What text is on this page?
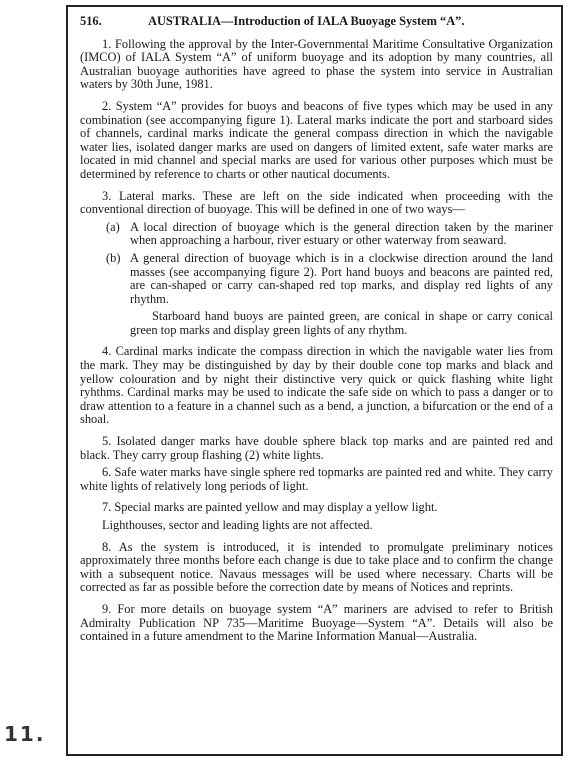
11.
516.	AUSTRALIA—Introduction of IALA Buoyage System “A”.

1. Following the approval by the Inter-Governmental Maritime Consultative Organization (IMCO) of IALA System “A” of uniform buoyage and its adoption by many countries, all Australian buoyage authorities have agreed to phase the system into service in Australian waters by 30th June, 1981.

2. System “A” provides for buoys and beacons of five types which may be used in any combination (see accompanying figure 1). Lateral marks indicate the port and starboard sides of channels, cardinal marks indicate the general compass direction in which the navigable water lies, isolated danger marks are used on dangers of limited extent, safe water marks are located in mid channel and special marks are used for various other purposes which must be determined by reference to charts or other nautical documents.

3. Lateral marks. These are left on the side indicated when proceeding with the conventional direction of buoyage. This will be defined in one of two ways—

(a) A local direction of buoyage which is the general direction taken by the mariner when approaching a harbour, river estuary or other waterway from seaward.
(b) A general direction of buoyage which is in a clockwise direction around the land masses (see accompanying figure 2). Port hand buoys and beacons are painted red, are can-shaped or carry can-shaped red top marks, and display red lights of any rhythm.
Starboard hand buoys are painted green, are conical in shape or carry conical green top marks and display green lights of any rhythm.

4. Cardinal marks indicate the compass direction in which the navigable water lies from the mark. They may be distinguished by day by their double cone top marks and black and yellow colouration and by night their distinctive very quick or quick flashing white light ryhthms. Cardinal marks may be used to indicate the safe side on which to pass a danger or to draw attention to a feature in a channel such as a bend, a junction, a bifurcation or the end of a shoal.

5. Isolated danger marks have double sphere black top marks and are painted red and black. They carry group flashing (2) white lights.

6. Safe water marks have single sphere red topmarks are painted red and white. They carry white lights of relatively long periods of light.

7. Special marks are painted yellow and may display a yellow light.

Lighthouses, sector and leading lights are not affected.

8. As the system is introduced, it is intended to promulgate preliminary notices approximately three months before each change is due to take place and to confirm the change with a subsequent notice. Navaus messages will be used where necessary. Charts will be corrected as far as possible before the correction date by means of Notices and reprints.

9. For more details on buoyage system “A” mariners are advised to refer to British Admiralty Publication NP 735—Maritime Buoyage—System “A”. Details will also be contained in a future amendment to the Marine Information Manual—Australia.
